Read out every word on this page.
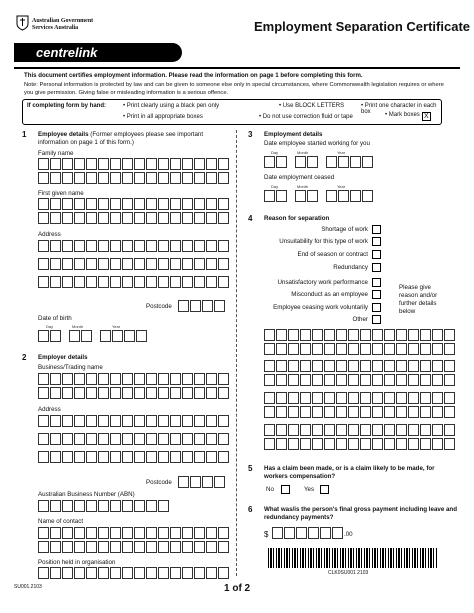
Australian Government
Services Australia
centrelink
Employment Separation Certificate
This document certifies employment information. Please read the information on page 1 before completing this form.
Note: Personal information is protected by law and can be given to someone else only in special circumstances, where Commonwealth legislation requires or where you give permission. Giving false or misleading information is a serious offence.
If completing form by hand:	• Print clearly using a black pen only	• Use BLOCK LETTERS	• Print one character in each box
• Print in all appropriate boxes	• Do not use correction fluid or tape	• Mark boxes X
1 Employee details (Former employees please see important information on page 1 of this form.)
Family name
First given name
Address
Postcode
Date of birth
Day	Month	Year
2 Employer details
Business/Trading name
Address
Postcode
Australian Business Number (ABN)
Name of contact
Position held in organisation
3 Employment details
Date employee started working for you
Day	Month	Year
Date employment ceased
Day	Month	Year
4 Reason for separation
Shortage of work
Unsuitability for this type of work
End of season or contract
Redundancy
Unsatisfactory work performance
Misconduct as an employee
Employee ceasing work voluntarily
Other
Please give reason and/or further details below
5 Has a claim been made, or is a claim likely to be made, for workers compensation?
No	Yes
6 What was/is the person's final gross payment including leave and redundancy payments?
$	.00
CLK0SU001 2103
SU001.2103	1 of 2
